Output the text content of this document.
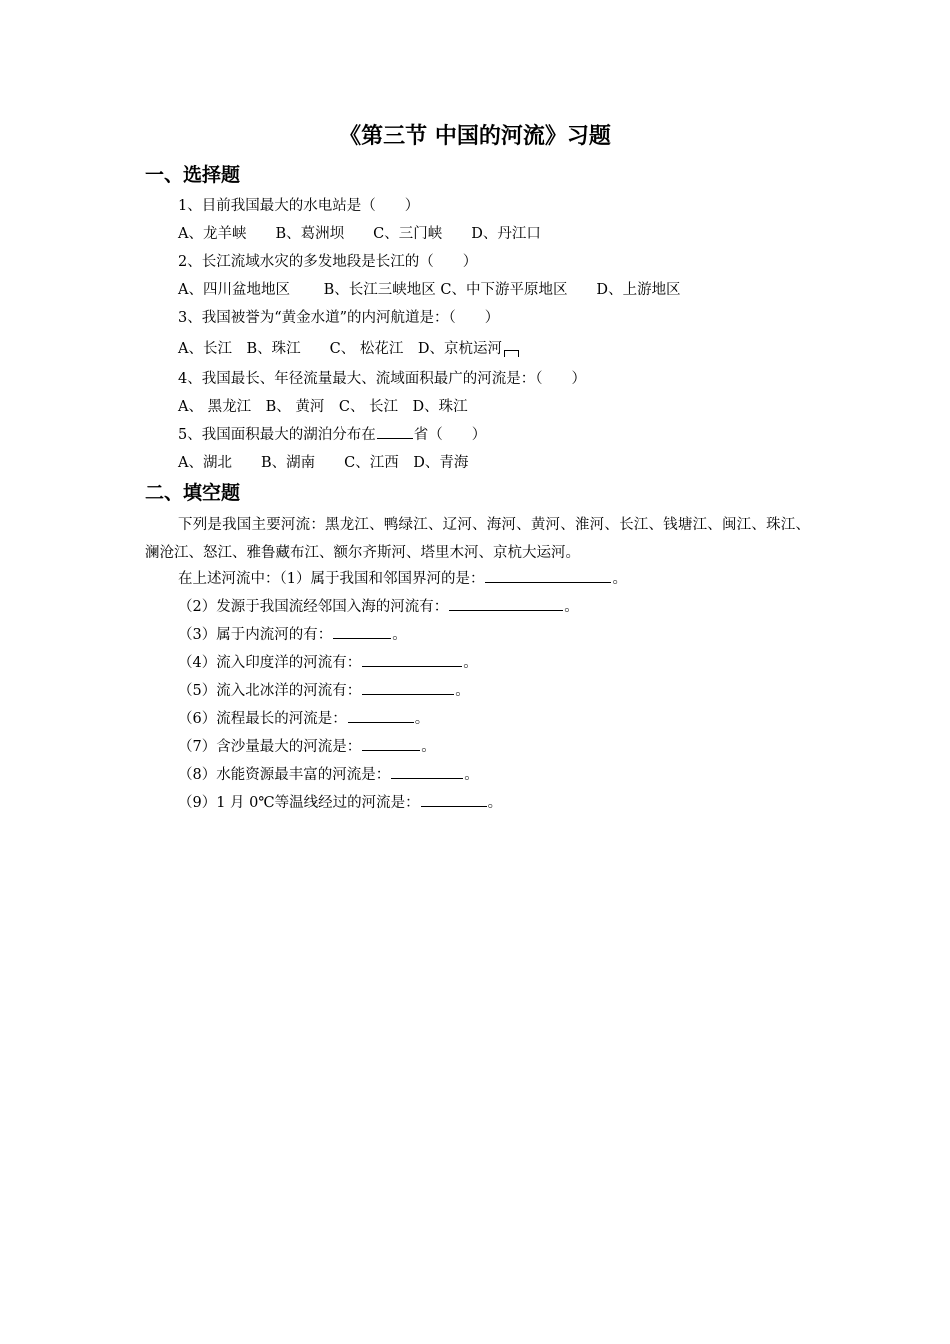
《第三节 中国的河流》习题
一、选择题
1、目前我国最大的水电站是（　　）
A、龙羊峡　　B、葛洲坝　　C、三门峡　　D、丹江口
2、长江流域水灾的多发地段是长江的（　　）
A、四川盆地地区　　 B、长江三峡地区 C、中下游平原地区　　D、上游地区
3、我国被誉为“黄金水道”的内河航道是：（　　）
A、长江　B、珠江　　C、 松花江　D、京杭运河
4、我国最长、年径流量最大、流域面积最广的河流是：（　　）
A、 黑龙江　B、 黄河　C、 长江　D、珠江
5、我国面积最大的湖泊分布在	省（　　）
A、湖北　　B、湖南　　C、江西　D、青海
二、填空题
下列是我国主要河流：黑龙江、鸭绿江、辽河、海河、黄河、淮河、长江、钱塘江、闽江、珠江、澜沧江、怒江、雅鲁藏布江、额尔齐斯河、塔里木河、京杭大运河。
在上述河流中：（1）属于我国和邻国界河的是：	。
（2）发源于我国流经邻国入海的河流有：	。
（3）属于内流河的有：	。
（4）流入印度洋的河流有：	。
（5）流入北冰洋的河流有：	。
（6）流程最长的河流是：	。
（7）含沙量最大的河流是：	。
（8）水能资源最丰富的河流是：	。
（9）1 月 0℃等温线经过的河流是：	。
